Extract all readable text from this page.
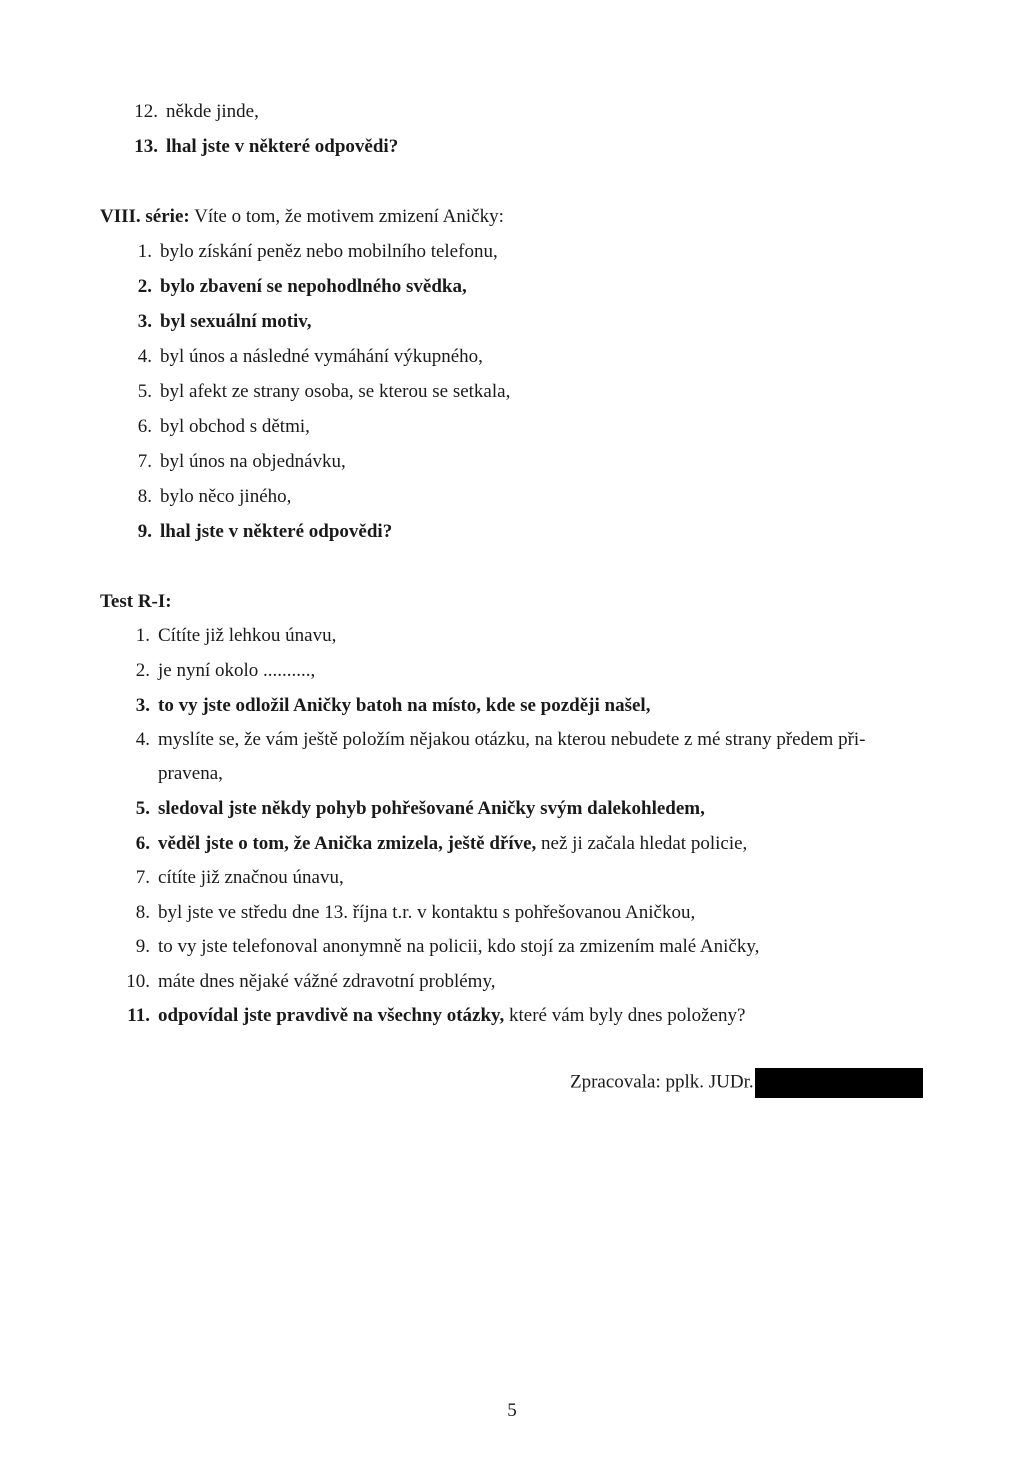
12. někde jinde,
13. lhal jste v některé odpovědi?
VIII. série: Víte o tom, že motivem zmizení Aničky:
1. bylo získání peněz nebo mobilního telefonu,
2. bylo zbavení se nepohodlného svědka,
3. byl sexuální motiv,
4. byl únos a následné vymáhání výkupného,
5. byl afekt ze strany osoba, se kterou se setkala,
6. byl obchod s dětmi,
7. byl únos na objednávku,
8. bylo něco jiného,
9. lhal jste v některé odpovědi?
Test R-I:
1. Cítíte již lehkou únavu,
2. je nyní okolo ..........,
3. to vy jste odložil Aničky batoh na místo, kde se později našel,
4. myslíte se, že vám ještě položím nějakou otázku, na kterou nebudete z mé strany předem při-
pravena,
5. sledoval jste někdy pohyb pohřešované Aničky svým dalekohledem,
6. věděl jste o tom, že Anička zmizela, ještě dříve, než ji začala hledat policie,
7. cítíte již značnou únavu,
8. byl jste ve středu dne 13. října t.r. v kontaktu s pohřešovanou Aničkou,
9. to vy jste telefonoval anonymně na policii, kdo stojí za zmizením malé Aničky,
10. máte dnes nějaké vážné zdravotní problémy,
11. odpovídal jste pravdivě na všechny otázky, které vám byly dnes položeny?
Zpracovala: pplk. JUDr.
5
